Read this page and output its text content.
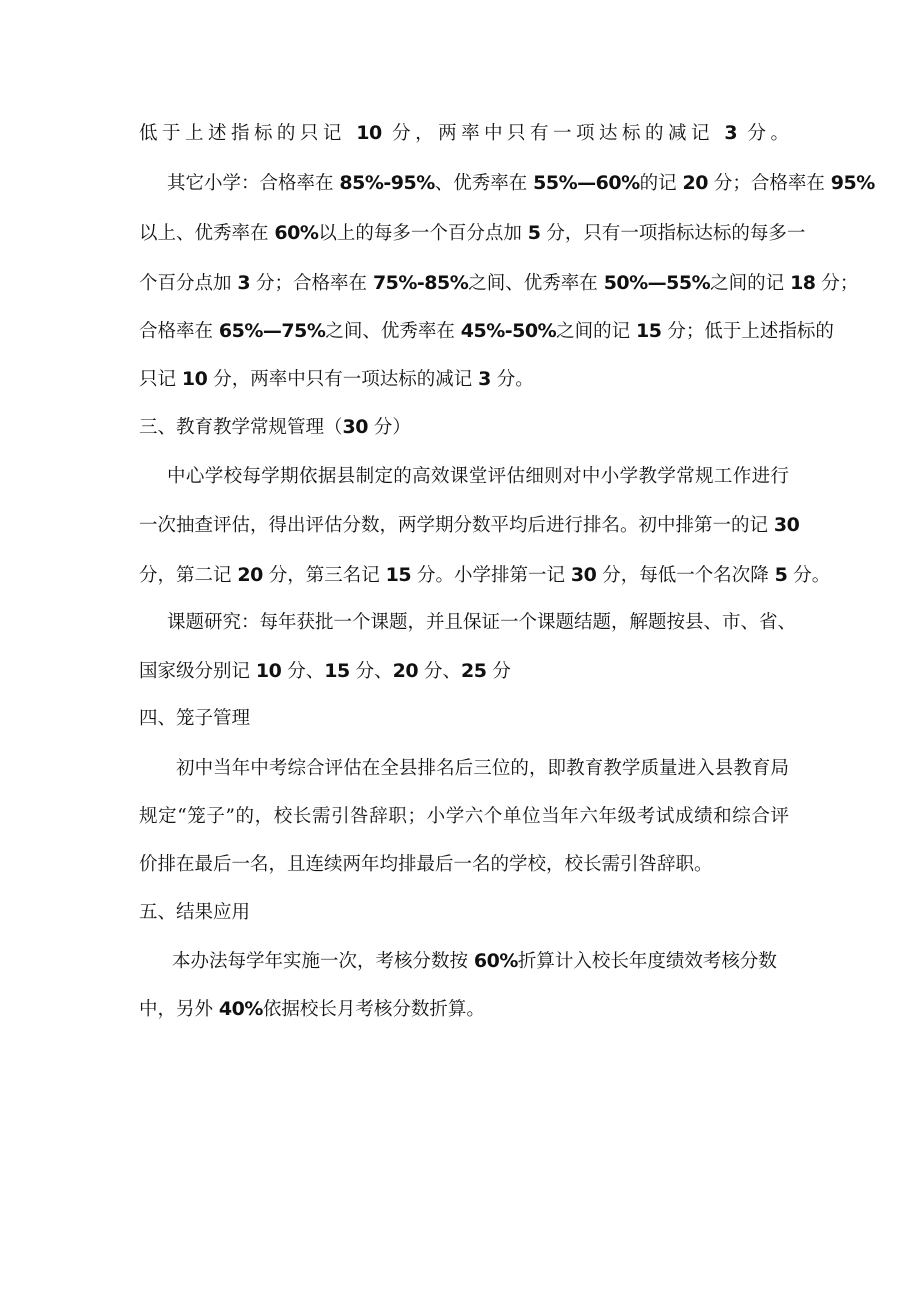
低于上述指标的只记 10 分，两率中只有一项达标的减记 3 分。
其它小学：合格率在 85%-95%、优秀率在 55%—60%的记 20 分；合格率在 95%
以上、优秀率在 60%以上的每多一个百分点加 5 分，只有一项指标达标的每多一
个百分点加 3 分；合格率在 75%-85%之间、优秀率在 50%—55%之间的记 18 分；
合格率在 65%—75%之间、优秀率在 45%-50%之间的记 15 分；低于上述指标的
只记 10 分，两率中只有一项达标的减记 3 分。
三、教育教学常规管理（30 分）
中心学校每学期依据县制定的高效课堂评估细则对中小学教学常规工作进行
一次抽查评估，得出评估分数，两学期分数平均后进行排名。初中排第一的记 30
分，第二记 20 分，第三名记 15 分。小学排第一记 30 分，每低一个名次降 5 分。
课题研究：每年获批一个课题，并且保证一个课题结题，解题按县、市、省、
国家级分别记 10 分、15 分、20 分、25 分
四、笼子管理
初中当年中考综合评估在全县排名后三位的，即教育教学质量进入县教育局
规定“笼子”的，校长需引咎辞职；小学六个单位当年六年级考试成绩和综合评
价排在最后一名，且连续两年均排最后一名的学校，校长需引咎辞职。
五、结果应用
本办法每学年实施一次，考核分数按 60%折算计入校长年度绩效考核分数
中，另外 40%依据校长月考核分数折算。
